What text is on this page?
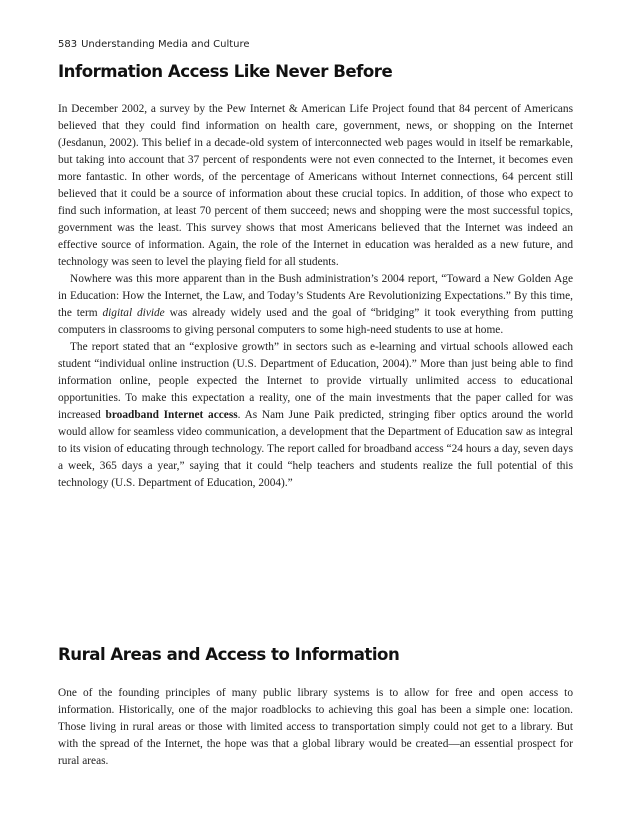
583 Understanding Media and Culture
Information Access Like Never Before

In December 2002, a survey by the Pew Internet & American Life Project found that 84 percent of Americans believed that they could find information on health care, government, news, or shopping on the Internet (Jesdanun, 2002). This belief in a decade-old system of interconnected web pages would in itself be remarkable, but taking into account that 37 percent of respondents were not even connected to the Internet, it becomes even more fantastic. In other words, of the percentage of Americans without Internet connections, 64 percent still believed that it could be a source of information about these crucial topics. In addition, of those who expect to find such information, at least 70 percent of them succeed; news and shopping were the most successful topics, government was the least. This survey shows that most Americans believed that the Internet was indeed an effective source of information. Again, the role of the Internet in education was heralded as a new future, and technology was seen to level the playing field for all students.

Nowhere was this more apparent than in the Bush administration’s 2004 report, “Toward a New Golden Age in Education: How the Internet, the Law, and Today’s Students Are Revolutionizing Expectations.” By this time, the term digital divide was already widely used and the goal of “bridging” it took everything from putting computers in classrooms to giving personal computers to some high-need students to use at home.

The report stated that an “explosive growth” in sectors such as e-learning and virtual schools allowed each student “individual online instruction (U.S. Department of Education, 2004).” More than just being able to find information online, people expected the Internet to provide virtually unlimited access to educational opportunities. To make this expectation a reality, one of the main investments that the paper called for was increased broadband Internet access. As Nam June Paik predicted, stringing fiber optics around the world would allow for seamless video communication, a development that the Department of Education saw as integral to its vision of educating through technology. The report called for broadband access “24 hours a day, seven days a week, 365 days a year,” saying that it could “help teachers and students realize the full potential of this technology (U.S. Department of Education, 2004).”

Rural Areas and Access to Information

One of the founding principles of many public library systems is to allow for free and open access to information. Historically, one of the major roadblocks to achieving this goal has been a simple one: location. Those living in rural areas or those with limited access to transportation simply could not get to a library. But with the spread of the Internet, the hope was that a global library would be created—an essential prospect for rural areas.
